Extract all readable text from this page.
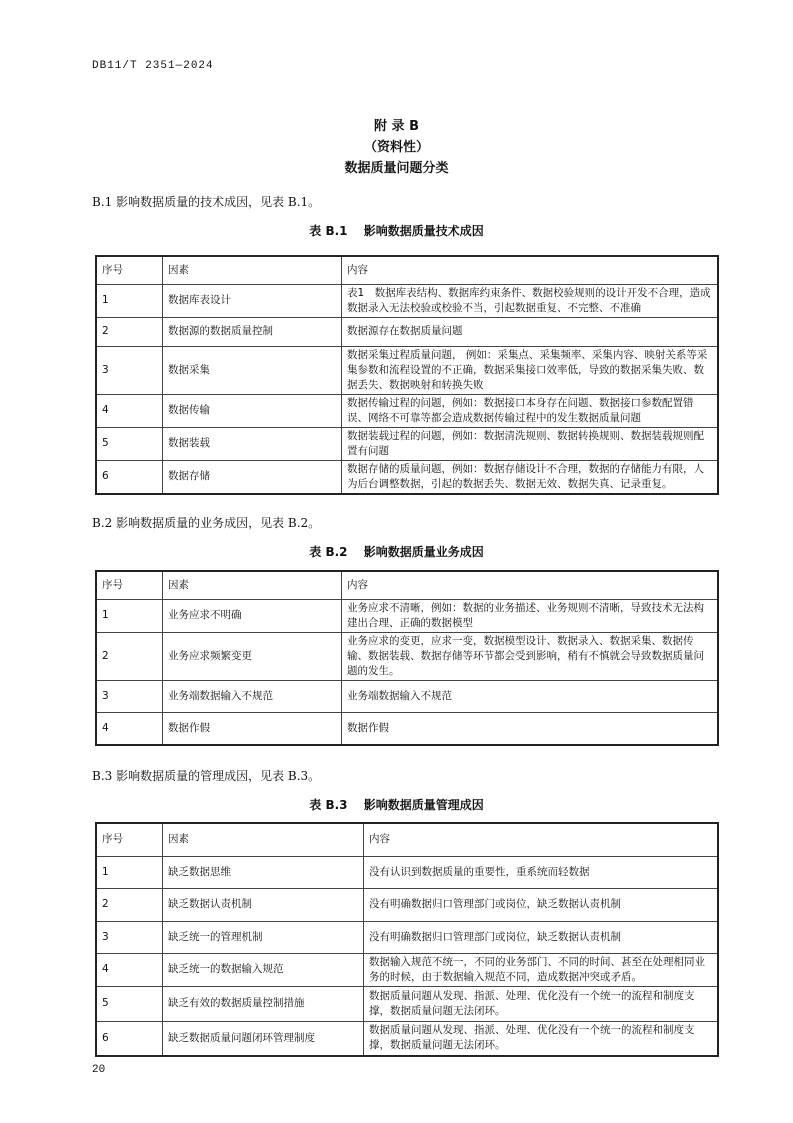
DB11/T 2351—2024
附 录 B
（资料性）
数据质量问题分类
B.1 影响数据质量的技术成因，见表 B.1。
表 B.1　 影响数据质量技术成因
序号	因素	内容
1	数据库表设计	表1　数据库表结构、数据库约束条件、数据校验规则的设计开发不合理，造成数据录入无法校验或校验不当，引起数据重复、不完整、不准确
2	数据源的数据质量控制	数据源存在数据质量问题
3	数据采集	数据采集过程质量问题， 例如：采集点、采集频率、采集内容、映射关系等采集参数和流程设置的不正确，数据采集接口效率低，导致的数据采集失败、数据丢失、数据映射和转换失败
4	数据传输	数据传输过程的问题，例如：数据接口本身存在问题、数据接口参数配置错误、网络不可靠等都会造成数据传输过程中的发生数据质量问题
5	数据装载	数据装载过程的问题，例如：数据清洗规则、数据转换规则、数据装载规则配置有问题
6	数据存储	数据存储的质量问题，例如：数据存储设计不合理，数据的存储能力有限，人为后台调整数据，引起的数据丢失、数据无效、数据失真、记录重复。
B.2 影响数据质量的业务成因，见表 B.2。
表 B.2　 影响数据质量业务成因
序号	因素	内容
1	业务应求不明确	业务应求不清晰，例如：数据的业务描述、业务规则不清晰，导致技术无法构建出合理、正确的数据模型
2	业务应求频繁变更	业务应求的变更，应求一变，数据模型设计、数据录入、数据采集、数据传输、数据装载、数据存储等环节都会受到影响，稍有不慎就会导致数据质量问题的发生。
3	业务端数据输入不规范	业务端数据输入不规范
4	数据作假	数据作假
B.3 影响数据质量的管理成因，见表 B.3。
表 B.3　 影响数据质量管理成因
序号	因素	内容
1	缺乏数据思维	没有认识到数据质量的重要性，重系统而轻数据
2	缺乏数据认责机制	没有明确数据归口管理部门或岗位，缺乏数据认责机制
3	缺乏统一的管理机制	没有明确数据归口管理部门或岗位，缺乏数据认责机制
4	缺乏统一的数据输入规范	数据输入规范不统一，不同的业务部门、不同的时间、甚至在处理相同业务的时候，由于数据输入规范不同，造成数据冲突或矛盾。
5	缺乏有效的数据质量控制措施	数据质量问题从发现、指派、处理、优化没有一个统一的流程和制度支撑，数据质量问题无法闭环。
6	缺乏数据质量问题闭环管理制度	数据质量问题从发现、指派、处理、优化没有一个统一的流程和制度支撑，数据质量问题无法闭环。
20
